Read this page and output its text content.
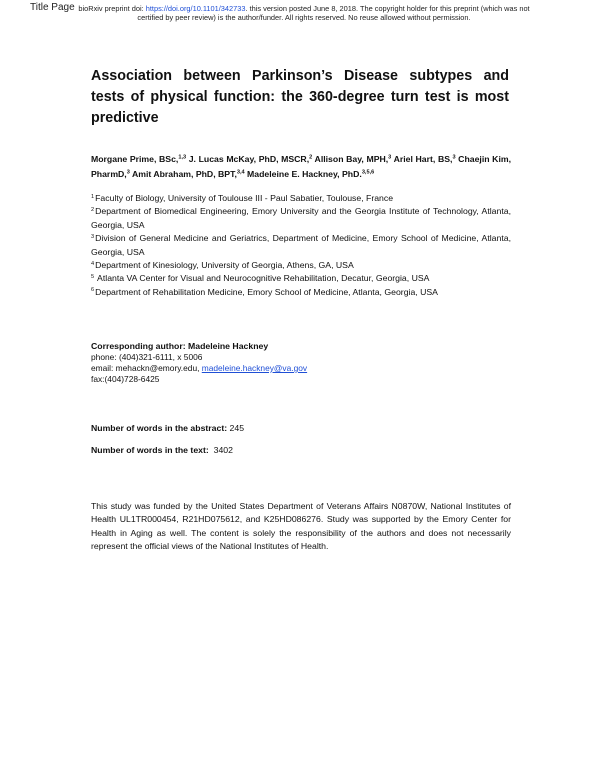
Title Page bioRxiv preprint doi: https://doi.org/10.1101/342733. this version posted June 8, 2018. The copyright holder for this preprint (which was not
certified by peer review) is the author/funder. All rights reserved. No reuse allowed without permission.
Association between Parkinson’s Disease subtypes and tests of physical function: the 360-degree turn test is most predictive

Morgane Prime, BSc,$^{1,3}$ J. Lucas McKay, PhD, MSCR,$^2$ Allison Bay, MPH,$^3$ Ariel Hart, BS,$^3$ Chaejin Kim, PharmD,$^3$ Amit Abraham, PhD, BPT,$^{3,4}$ Madeleine E. Hackney, PhD.$^{3,5,6}$

$^1$Faculty of Biology, University of Toulouse III - Paul Sabatier, Toulouse, France
$^2$Department of Biomedical Engineering, Emory University and the Georgia Institute of Technology, Atlanta, Georgia, USA
$^3$Division of General Medicine and Geriatrics, Department of Medicine, Emory School of Medicine, Atlanta, Georgia, USA
$^4$Department of Kinesiology, University of Georgia, Athens, GA, USA
$^5$ Atlanta VA Center for Visual and Neurocognitive Rehabilitation, Decatur, Georgia, USA
$^6$Department of Rehabilitation Medicine, Emory School of Medicine, Atlanta, Georgia, USA
Corresponding author: Madeleine Hackney
phone: (404)321-6111, x 5006
email: mehackn@emory.edu, madeleine.hackney@va.gov
fax:(404)728-6425
Number of words in the abstract: 245
Number of words in the text:  3402

This study was funded by the United States Department of Veterans Affairs N0870W, National Institutes of Health UL1TR000454, R21HD075612, and K25HD086276. Study was supported by the Emory Center for Health in Aging as well. The content is solely the responsibility of the authors and does not necessarily represent the official views of the National Institutes of Health.
